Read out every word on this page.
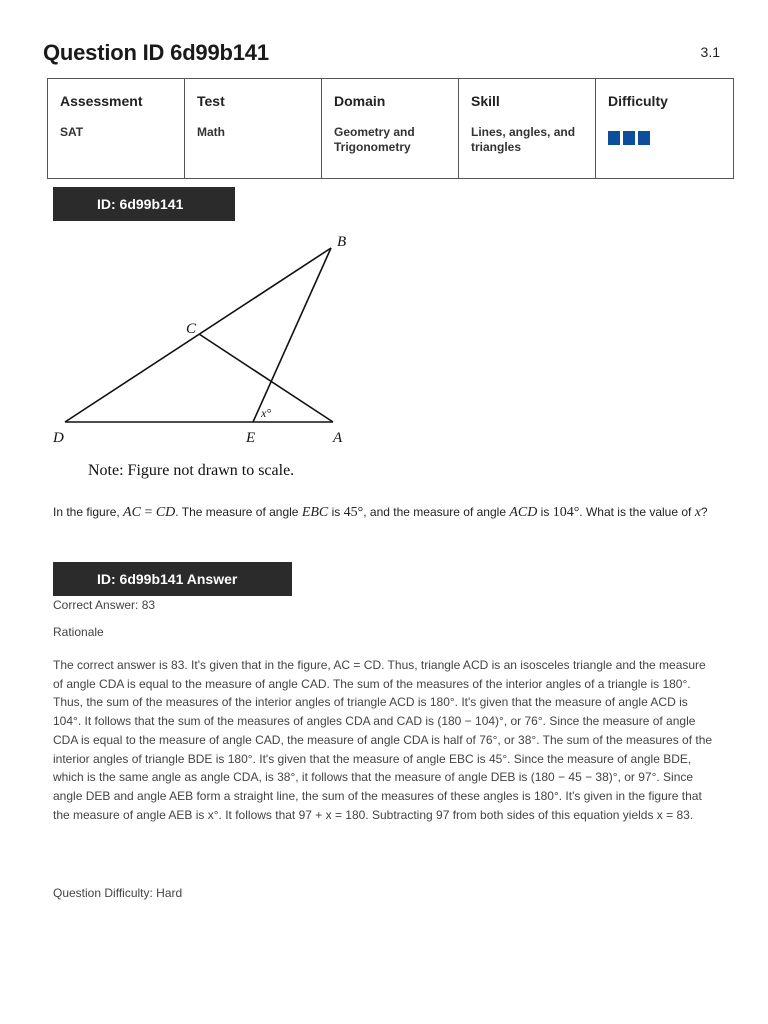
Question ID 6d99b141	3.1
Assessment	Test	Domain	Skill	Difficulty
SAT	Math	Geometry and Trigonometry	Lines, angles, and triangles	
ID: 6d99b141
B
C
D	E	A
x°
Note: Figure not drawn to scale.
In the figure, AC = CD. The measure of angle EBC is 45°, and the measure of angle ACD is 104°. What is the value of x?
ID: 6d99b141 Answer
Correct Answer: 83
Rationale

The correct answer is 83. It's given that in the figure, AC = CD. Thus, triangle ACD is an isosceles triangle and the measure of angle CDA is equal to the measure of angle CAD. The sum of the measures of the interior angles of a triangle is 180°. Thus, the sum of the measures of the interior angles of triangle ACD is 180°. It's given that the measure of angle ACD is 104°. It follows that the sum of the measures of angles CDA and CAD is (180 − 104)°, or 76°. Since the measure of angle CDA is equal to the measure of angle CAD, the measure of angle CDA is half of 76°, or 38°. The sum of the measures of the interior angles of triangle BDE is 180°. It's given that the measure of angle EBC is 45°. Since the measure of angle BDE, which is the same angle as angle CDA, is 38°, it follows that the measure of angle DEB is (180 − 45 − 38)°, or 97°. Since angle DEB and angle AEB form a straight line, the sum of the measures of these angles is 180°. It's given in the figure that the measure of angle AEB is x°. It follows that 97 + x = 180. Subtracting 97 from both sides of this equation yields x = 83.

Question Difficulty: Hard
